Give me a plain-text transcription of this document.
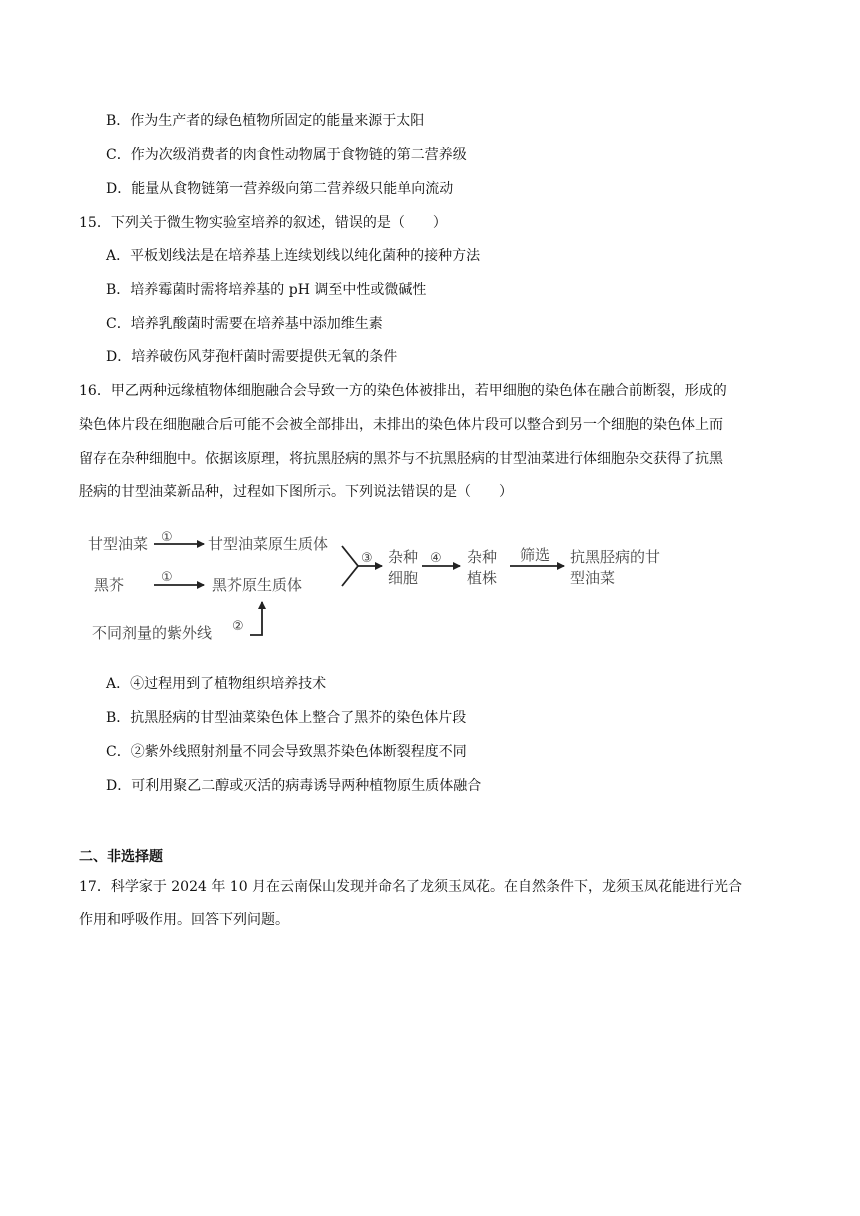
B．作为生产者的绿色植物所固定的能量来源于太阳
C．作为次级消费者的肉食性动物属于食物链的第二营养级
D．能量从食物链第一营养级向第二营养级只能单向流动
15．下列关于微生物实验室培养的叙述，错误的是（　　）
A．平板划线法是在培养基上连续划线以纯化菌种的接种方法
B．培养霉菌时需将培养基的 pH 调至中性或微碱性
C．培养乳酸菌时需要在培养基中添加维生素
D．培养破伤风芽孢杆菌时需要提供无氧的条件
16．甲乙两种远缘植物体细胞融合会导致一方的染色体被排出，若甲细胞的染色体在融合前断裂，形成的
染色体片段在细胞融合后可能不会被全部排出，未排出的染色体片段可以整合到另一个细胞的染色体上而
留存在杂种细胞中。依据该原理，将抗黑胫病的黑芥与不抗黑胫病的甘型油菜进行体细胞杂交获得了抗黑
胫病的甘型油菜新品种，过程如下图所示。下列说法错误的是（　　）
甘型油菜 ① 甘型油菜原生质体
黑芥	①	黑芥原生质体
不同剂量的紫外线 ②
③ 杂种
细胞
④ 杂种
植株
筛选 抗黑胫病的甘
型油菜
A．④过程用到了植物组织培养技术
B．抗黑胫病的甘型油菜染色体上整合了黑芥的染色体片段
C．②紫外线照射剂量不同会导致黑芥染色体断裂程度不同
D．可利用聚乙二醇或灭活的病毒诱导两种植物原生质体融合
二、非选择题
17．科学家于 2024 年 10 月在云南保山发现并命名了龙须玉凤花。在自然条件下，龙须玉凤花能进行光合
作用和呼吸作用。回答下列问题。
